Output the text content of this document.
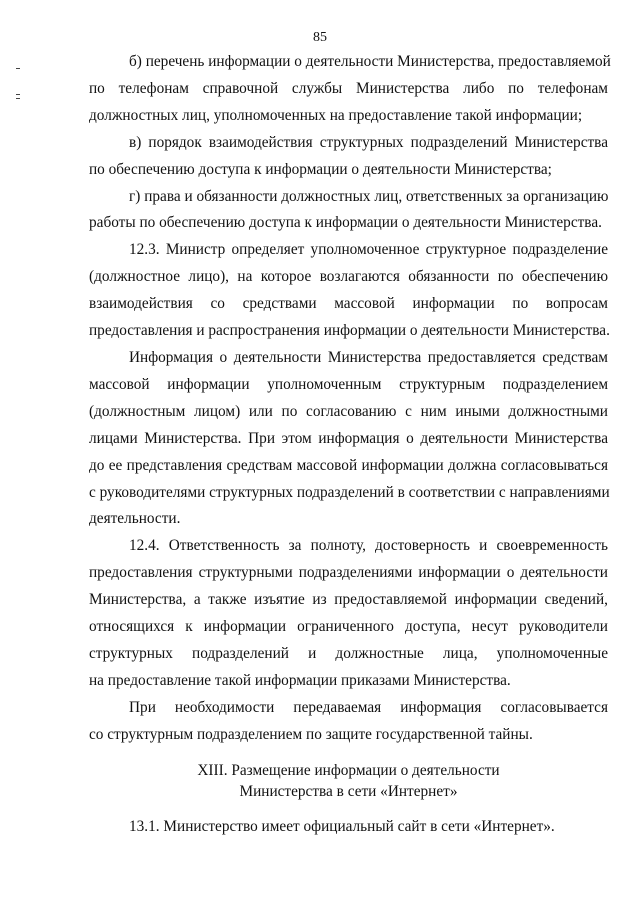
85
б) перечень информации о деятельности Министерства, предоставляемой
по телефонам справочной службы Министерства либо по телефонам
должностных лиц, уполномоченных на предоставление такой информации;
в) порядок взаимодействия структурных подразделений Министерства
по обеспечению доступа к информации о деятельности Министерства;
г) права и обязанности должностных лиц, ответственных за организацию
работы по обеспечению доступа к информации о деятельности Министерства.
12.3. Министр определяет уполномоченное структурное подразделение
(должностное лицо), на которое возлагаются обязанности по обеспечению
взаимодействия со средствами массовой информации по вопросам
предоставления и распространения информации о деятельности Министерства.
Информация о деятельности Министерства предоставляется средствам
массовой информации уполномоченным структурным подразделением
(должностным лицом) или по согласованию с ним иными должностными
лицами Министерства. При этом информация о деятельности Министерства
до ее представления средствам массовой информации должна согласовываться
с руководителями структурных подразделений в соответствии с направлениями
деятельности.
12.4. Ответственность за полноту, достоверность и своевременность
предоставления структурными подразделениями информации о деятельности
Министерства, а также изъятие из предоставляемой информации сведений,
относящихся к информации ограниченного доступа, несут руководители
структурных подразделений и должностные лица, уполномоченные
на предоставление такой информации приказами Министерства.
При необходимости передаваемая информация согласовывается
со структурным подразделением по защите государственной тайны.
XIII. Размещение информации о деятельности
Министерства в сети «Интернет»
13.1. Министерство имеет официальный сайт в сети «Интернет».
